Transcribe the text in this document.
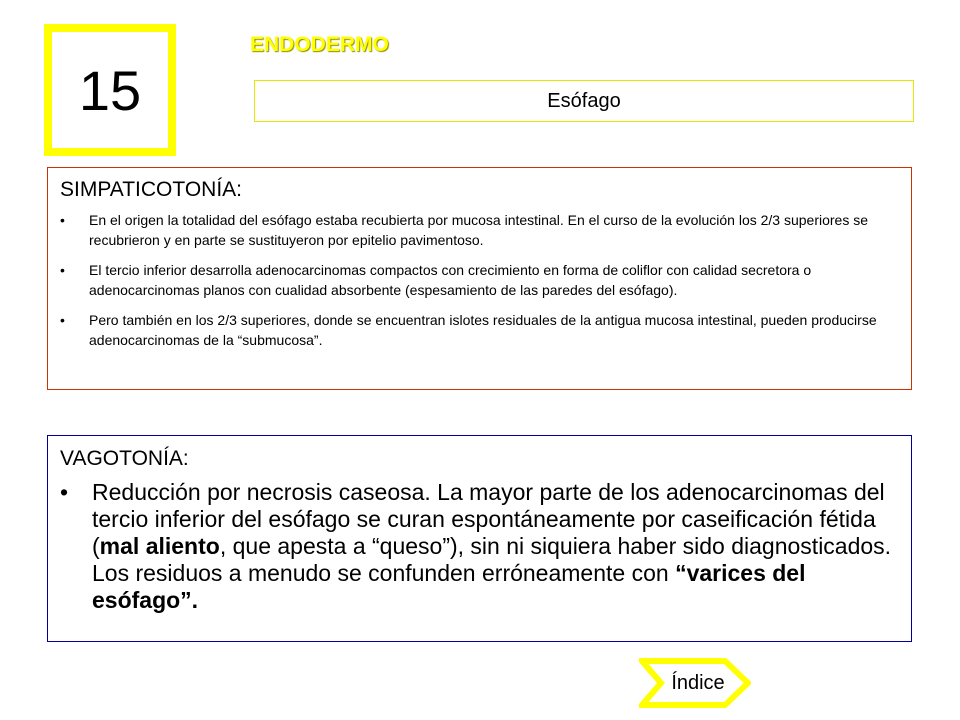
15
ENDODERMO
Esófago
SIMPATICOTONÍA:
• En el origen la totalidad del esófago estaba recubierta por mucosa intestinal. En el curso de la evolución los 2/3 superiores se recubrieron y en parte se sustituyeron por epitelio pavimentoso.
• El tercio inferior desarrolla adenocarcinomas compactos con crecimiento en forma de coliflor con calidad secretora o adenocarcinomas planos con cualidad absorbente (espesamiento de las paredes del esófago).
• Pero también en los 2/3 superiores, donde se encuentran islotes residuales de la antigua mucosa intestinal, pueden producirse adenocarcinomas de la “submucosa”.
VAGOTONÍA:
• Reducción por necrosis caseosa. La mayor parte de los adenocarcinomas del tercio inferior del esófago se curan espontáneamente por caseificación fétida (mal aliento, que apesta a “queso”), sin ni siquiera haber sido diagnosticados. Los residuos a menudo se confunden erróneamente con “varices del esófago”.
Índice
